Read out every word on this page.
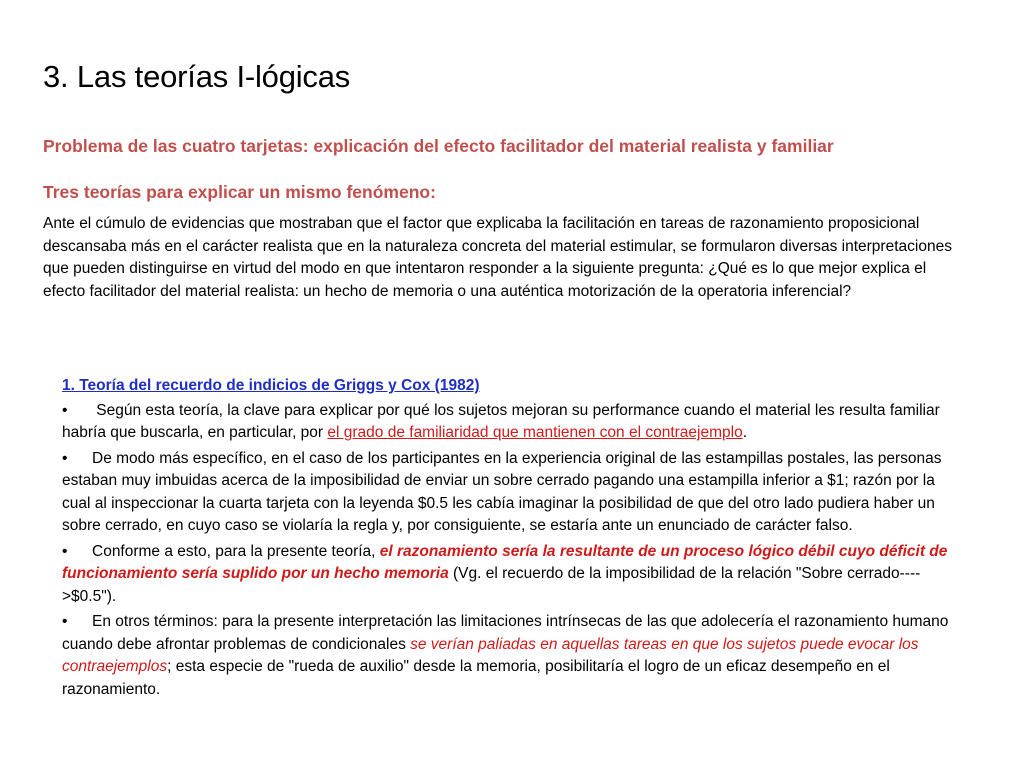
3. Las teorías I-lógicas

Problema de las cuatro tarjetas: explicación del efecto facilitador del material realista y familiar

Tres teorías para explicar un mismo fenómeno:

Ante el cúmulo de evidencias que mostraban que el factor que explicaba la facilitación en tareas de razonamiento proposicional descansaba más en el carácter realista que en la naturaleza concreta del material estimular, se formularon diversas interpretaciones que pueden distinguirse en virtud del modo en que intentaron responder a la siguiente pregunta: ¿Qué es lo que mejor explica el efecto facilitador del material realista: un hecho de memoria o una auténtica motorización de la operatoria inferencial?

1. Teoría del recuerdo de indicios de Griggs y Cox (1982)

• Según esta teoría, la clave para explicar por qué los sujetos mejoran su performance cuando el material les resulta familiar habría que buscarla, en particular, por el grado de familiaridad que mantienen con el contraejemplo.

• De modo más específico, en el caso de los participantes en la experiencia original de las estampillas postales, las personas estaban muy imbuidas acerca de la imposibilidad de enviar un sobre cerrado pagando una estampilla inferior a $1; razón por la cual al inspeccionar la cuarta tarjeta con la leyenda $0.5 les cabía imaginar la posibilidad de que del otro lado pudiera haber un sobre cerrado, en cuyo caso se violaría la regla y, por consiguiente, se estaría ante un enunciado de carácter falso.

• Conforme a esto, para la presente teoría, el razonamiento sería la resultante de un proceso lógico débil cuyo déficit de funcionamiento sería suplido por un hecho memoria (Vg. el recuerdo de la imposibilidad de la relación "Sobre cerrado---->$0.5").

• En otros términos: para la presente interpretación las limitaciones intrínsecas de las que adolecería el razonamiento humano cuando debe afrontar problemas de condicionales se verían paliadas en aquellas tareas en que los sujetos puede evocar los contraejemplos; esta especie de "rueda de auxilio" desde la memoria, posibilitaría el logro de un eficaz desempeño en el razonamiento.
